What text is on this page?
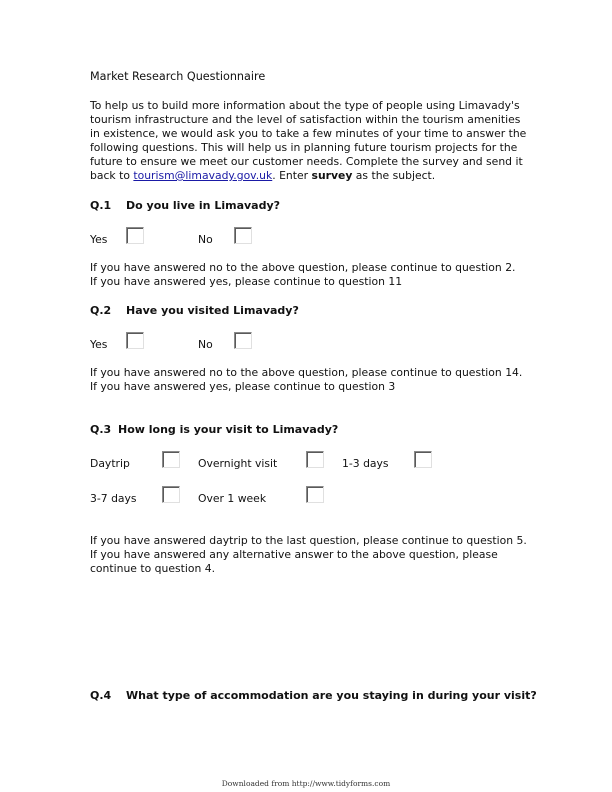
Market Research Questionnaire
To help us to build more information about the type of people using Limavady's tourism infrastructure and the level of satisfaction within the tourism amenities in existence, we would ask you to take a few minutes of your time to answer the following questions. This will help us in planning future tourism projects for the future to ensure we meet our customer needs. Complete the survey and send it back to tourism@limavady.gov.uk. Enter survey as the subject.
Q.1 Do you live in Limavady?
Yes	No
If you have answered no to the above question, please continue to question 2.
If you have answered yes, please continue to question 11
Q.2 Have you visited Limavady?
Yes	No
If you have answered no to the above question, please continue to question 14.
If you have answered yes, please continue to question 3
Q.3 How long is your visit to Limavady?
Daytrip	Overnight visit	1-3 days
3-7 days	Over 1 week
If you have answered daytrip to the last question, please continue to question 5. If you have answered any alternative answer to the above question, please continue to question 4.
Q.4 What type of accommodation are you staying in during your visit?
Downloaded from http://www.tidyforms.com
